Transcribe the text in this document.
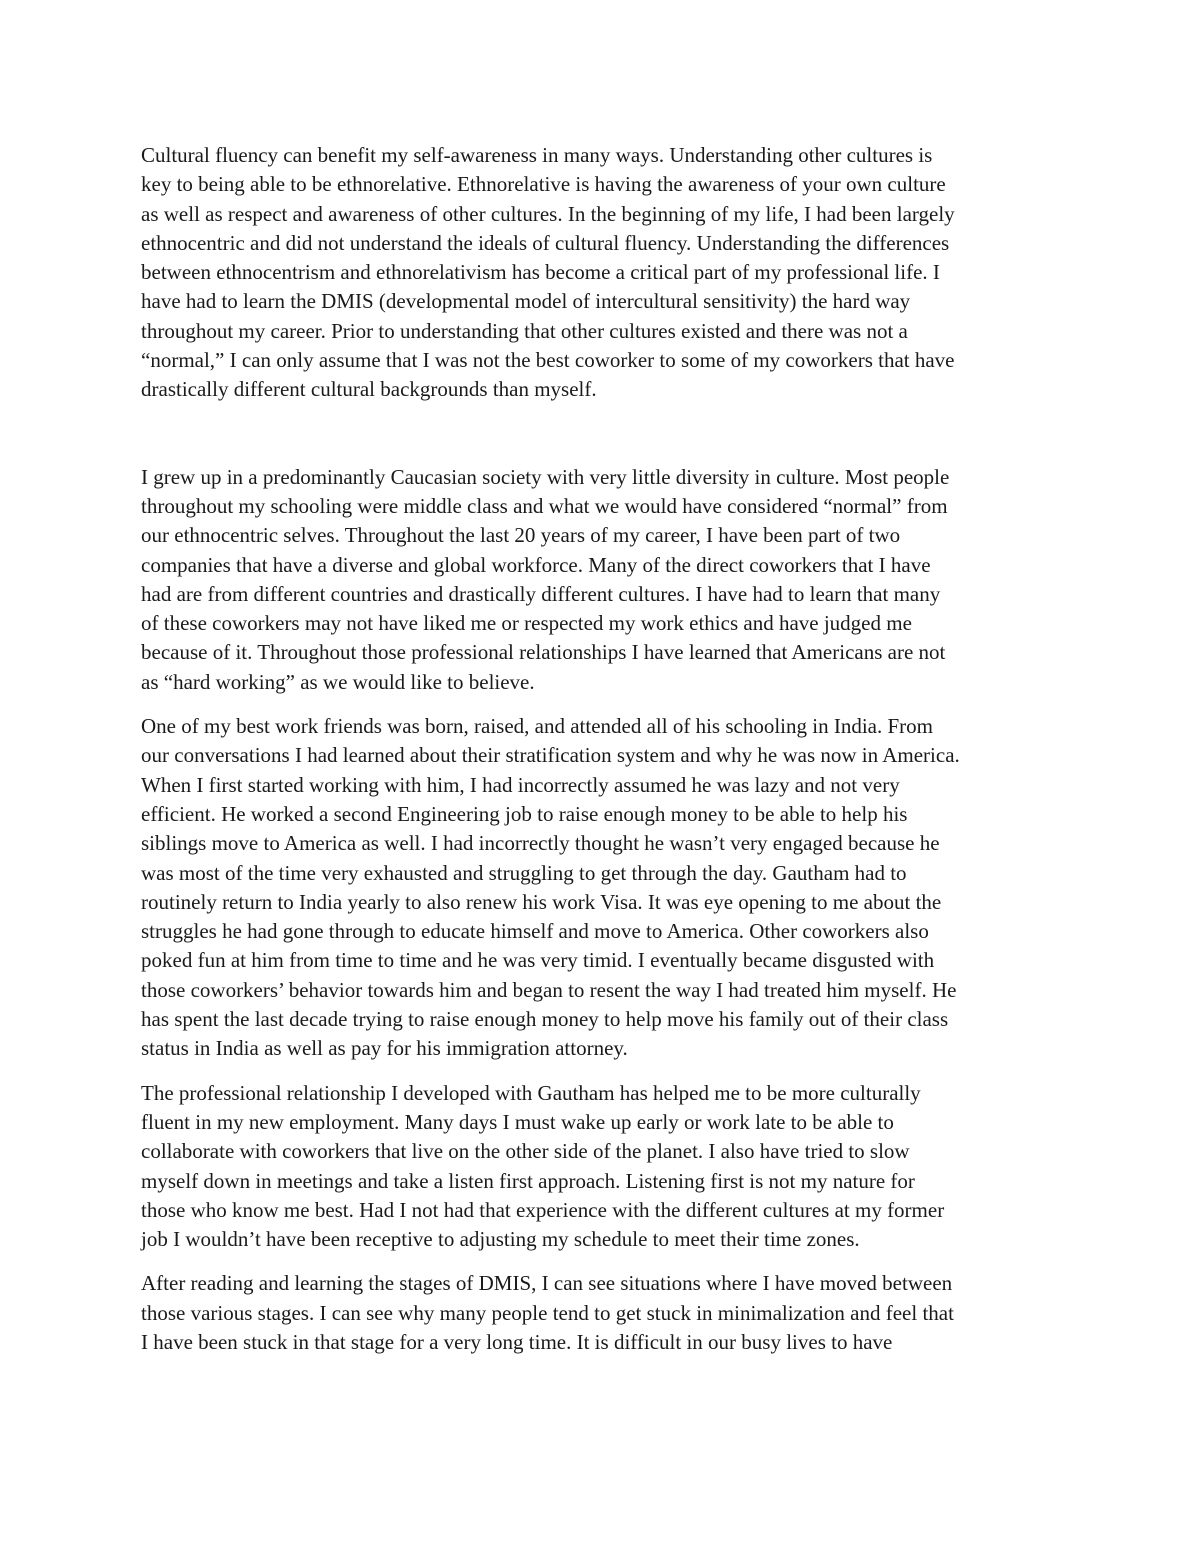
Cultural fluency can benefit my self-awareness in many ways. Understanding other cultures is
key to being able to be ethnorelative. Ethnorelative is having the awareness of your own culture
as well as respect and awareness of other cultures. In the beginning of my life, I had been largely
ethnocentric and did not understand the ideals of cultural fluency. Understanding the differences
between ethnocentrism and ethnorelativism has become a critical part of my professional life. I
have had to learn the DMIS (developmental model of intercultural sensitivity) the hard way
throughout my career. Prior to understanding that other cultures existed and there was not a
“normal,” I can only assume that I was not the best coworker to some of my coworkers that have
drastically different cultural backgrounds than myself.

I grew up in a predominantly Caucasian society with very little diversity in culture. Most people
throughout my schooling were middle class and what we would have considered “normal” from
our ethnocentric selves. Throughout the last 20 years of my career, I have been part of two
companies that have a diverse and global workforce. Many of the direct coworkers that I have
had are from different countries and drastically different cultures. I have had to learn that many
of these coworkers may not have liked me or respected my work ethics and have judged me
because of it. Throughout those professional relationships I have learned that Americans are not
as “hard working” as we would like to believe.

One of my best work friends was born, raised, and attended all of his schooling in India. From
our conversations I had learned about their stratification system and why he was now in America.
When I first started working with him, I had incorrectly assumed he was lazy and not very
efficient. He worked a second Engineering job to raise enough money to be able to help his
siblings move to America as well. I had incorrectly thought he wasn’t very engaged because he
was most of the time very exhausted and struggling to get through the day. Gautham had to
routinely return to India yearly to also renew his work Visa. It was eye opening to me about the
struggles he had gone through to educate himself and move to America. Other coworkers also
poked fun at him from time to time and he was very timid. I eventually became disgusted with
those coworkers’ behavior towards him and began to resent the way I had treated him myself. He
has spent the last decade trying to raise enough money to help move his family out of their class
status in India as well as pay for his immigration attorney.

The professional relationship I developed with Gautham has helped me to be more culturally
fluent in my new employment. Many days I must wake up early or work late to be able to
collaborate with coworkers that live on the other side of the planet. I also have tried to slow
myself down in meetings and take a listen first approach. Listening first is not my nature for
those who know me best. Had I not had that experience with the different cultures at my former
job I wouldn’t have been receptive to adjusting my schedule to meet their time zones.

After reading and learning the stages of DMIS, I can see situations where I have moved between
those various stages. I can see why many people tend to get stuck in minimalization and feel that
I have been stuck in that stage for a very long time. It is difficult in our busy lives to have
